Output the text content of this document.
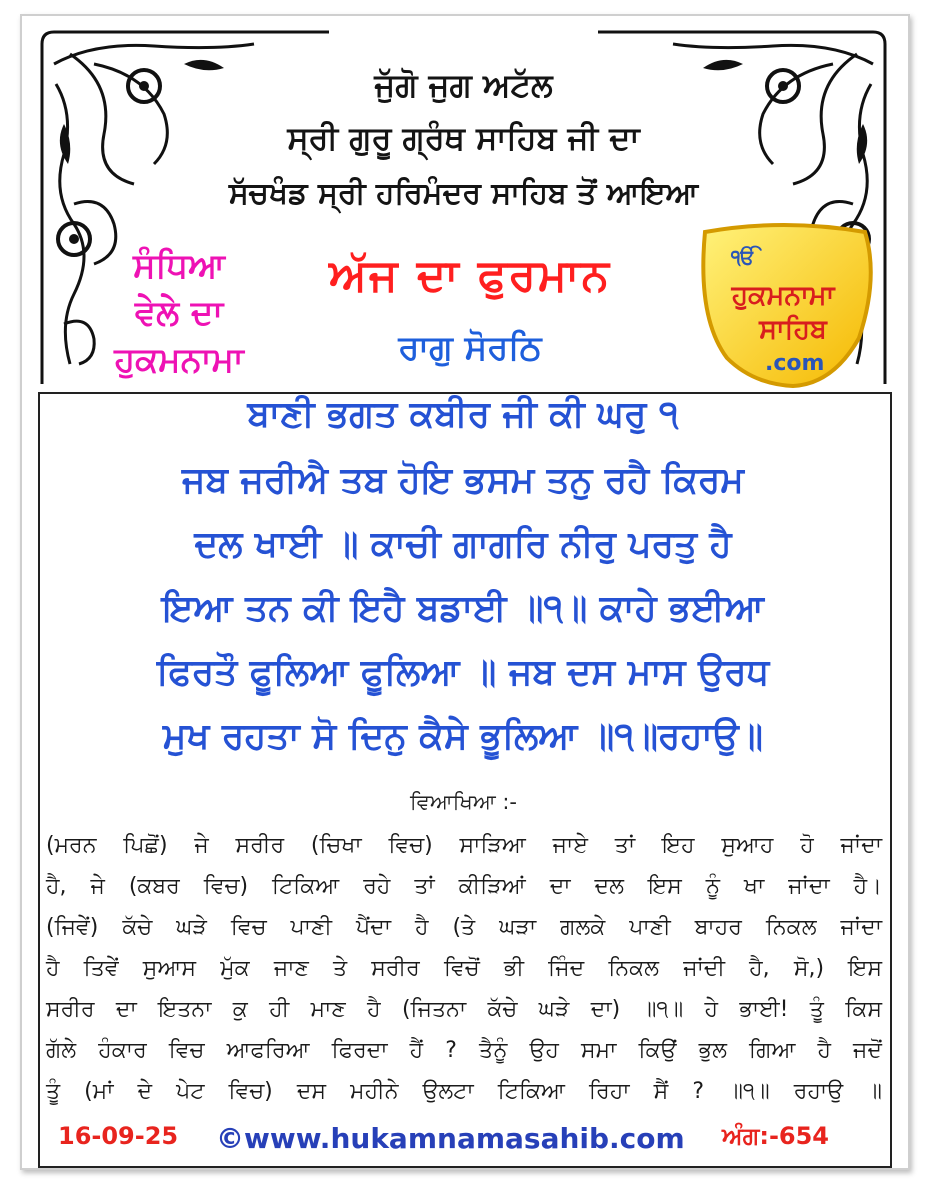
ਜੁੱਗੋ ਜੁਗ ਅਟੱਲ
ਸ੍ਰੀ ਗੁਰੂ ਗ੍ਰੰਥ ਸਾਹਿਬ ਜੀ ਦਾ
ਸੱਚਖੰਡ ਸ੍ਰੀ ਹਰਿਮੰਦਰ ਸਾਹਿਬ ਤੋਂ ਆਇਆ
ਸੰਧਿਆ
ਵੇਲੇ ਦਾ
ਹੁਕਮਨਾਮਾ
ਅੱਜ ਦਾ ਫੁਰਮਾਨ
ਰਾਗੁ ਸੋਰਠਿ
ੴ
ਹੁਕਮਨਾਮਾ
ਸਾਹਿਬ
.com
ਬਾਣੀ ਭਗਤ ਕਬੀਰ ਜੀ ਕੀ ਘਰੁ ੧
ਜਬ ਜਰੀਐ ਤਬ ਹੋਇ ਭਸਮ ਤਨੁ ਰਹੈ ਕਿਰਮ
ਦਲ ਖਾਈ ॥ ਕਾਚੀ ਗਾਗਰਿ ਨੀਰੁ ਪਰਤੁ ਹੈ
ਇਆ ਤਨ ਕੀ ਇਹੈ ਬਡਾਈ ॥੧॥ ਕਾਹੇ ਭਈਆ
ਫਿਰਤੌ ਫੂਲਿਆ ਫੂਲਿਆ ॥ ਜਬ ਦਸ ਮਾਸ ਉਰਧ
ਮੁਖ ਰਹਤਾ ਸੋ ਦਿਨੁ ਕੈਸੇ ਭੂਲਿਆ ॥੧॥ਰਹਾਉ॥
ਵਿਆਖਿਆ :-
(ਮਰਨ ਪਿਛੋਂ) ਜੇ ਸਰੀਰ (ਚਿਖਾ ਵਿਚ) ਸਾੜਿਆ ਜਾਏ ਤਾਂ ਇਹ ਸੁਆਹ ਹੋ ਜਾਂਦਾ
ਹੈ, ਜੇ (ਕਬਰ ਵਿਚ) ਟਿਕਿਆ ਰਹੇ ਤਾਂ ਕੀੜਿਆਂ ਦਾ ਦਲ ਇਸ ਨੂੰ ਖਾ ਜਾਂਦਾ ਹੈ।
(ਜਿਵੇਂ) ਕੱਚੇ ਘੜੇ ਵਿਚ ਪਾਣੀ ਪੈਂਦਾ ਹੈ (ਤੇ ਘੜਾ ਗਲਕੇ ਪਾਣੀ ਬਾਹਰ ਨਿਕਲ ਜਾਂਦਾ
ਹੈ ਤਿਵੇਂ ਸੁਆਸ ਮੁੱਕ ਜਾਣ ਤੇ ਸਰੀਰ ਵਿਚੋਂ ਭੀ ਜਿੰਦ ਨਿਕਲ ਜਾਂਦੀ ਹੈ, ਸੋ,) ਇਸ
ਸਰੀਰ ਦਾ ਇਤਨਾ ਕੁ ਹੀ ਮਾਣ ਹੈ (ਜਿਤਨਾ ਕੱਚੇ ਘੜੇ ਦਾ) ॥੧॥ ਹੇ ਭਾਈ! ਤੂੰ ਕਿਸ
ਗੱਲੇ ਹੰਕਾਰ ਵਿਚ ਆਫਰਿਆ ਫਿਰਦਾ ਹੈਂ ? ਤੈਨੂੰ ਉਹ ਸਮਾ ਕਿਉਂ ਭੁਲ ਗਿਆ ਹੈ ਜਦੋਂ
ਤੂੰ (ਮਾਂ ਦੇ ਪੇਟ ਵਿਚ) ਦਸ ਮਹੀਨੇ ਉਲਟਾ ਟਿਕਿਆ ਰਿਹਾ ਸੈਂ ? ॥੧॥ ਰਹਾਉ ॥
16-09-25 ©www.hukamnamasahib.com ਅੰਗ:-654
